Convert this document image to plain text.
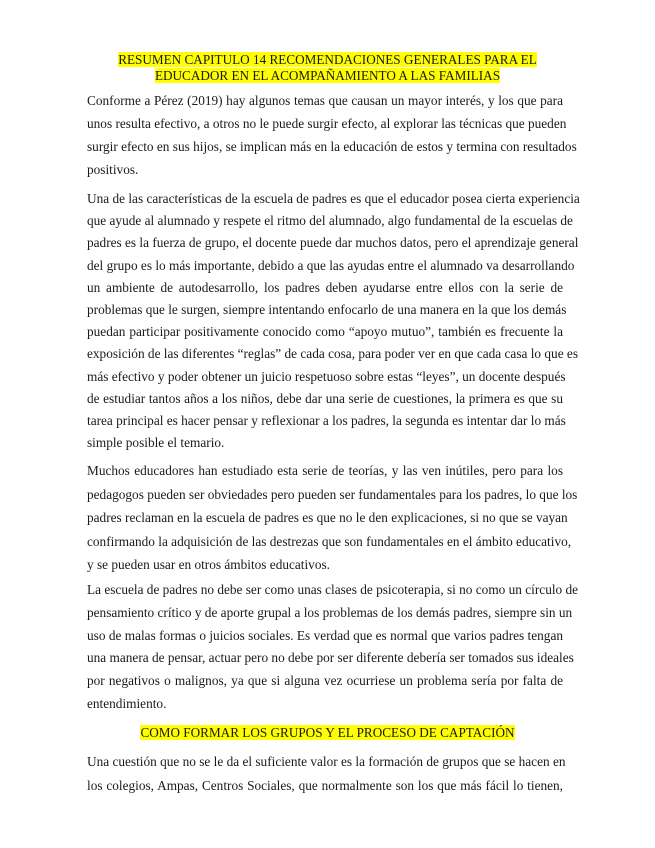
RESUMEN CAPITULO 14 RECOMENDACIONES GENERALES PARA EL
EDUCADOR EN EL ACOMPAÑAMIENTO A LAS FAMILIAS
Conforme a Pérez (2019) hay algunos temas que causan un mayor interés, y los que para
unos resulta efectivo, a otros no le puede surgir efecto, al explorar las técnicas que pueden
surgir efecto en sus hijos, se implican más en la educación de estos y termina con resultados
positivos.
Una de las características de la escuela de padres es que el educador posea cierta experiencia
que ayude al alumnado y respete el ritmo del alumnado, algo fundamental de la escuelas de
padres es la fuerza de grupo, el docente puede dar muchos datos, pero el aprendizaje general
del grupo es lo más importante, debido a que las ayudas entre el alumnado va desarrollando
un ambiente de autodesarrollo, los padres deben ayudarse entre ellos con la serie de
problemas que le surgen, siempre intentando enfocarlo de una manera en la que los demás
puedan participar positivamente conocido como “apoyo mutuo”, también es frecuente la
exposición de las diferentes “reglas” de cada cosa, para poder ver en que cada casa lo que es
más efectivo y poder obtener un juicio respetuoso sobre estas “leyes”, un docente después
de estudiar tantos años a los niños, debe dar una serie de cuestiones, la primera es que su
tarea principal es hacer pensar y reflexionar a los padres, la segunda es intentar dar lo más
simple posible el temario.
Muchos educadores han estudiado esta serie de teorías, y las ven inútiles, pero para los
pedagogos pueden ser obviedades pero pueden ser fundamentales para los padres, lo que los
padres reclaman en la escuela de padres es que no le den explicaciones, si no que se vayan
confirmando la adquisición de las destrezas que son fundamentales en el ámbito educativo,
y se pueden usar en otros ámbitos educativos.
La escuela de padres no debe ser como unas clases de psicoterapia, si no como un círculo de
pensamiento crítico y de aporte grupal a los problemas de los demás padres, siempre sin un
uso de malas formas o juicios sociales. Es verdad que es normal que varios padres tengan
una manera de pensar, actuar pero no debe por ser diferente debería ser tomados sus ideales
por negativos o malignos, ya que si alguna vez ocurriese un problema sería por falta de
entendimiento.
COMO FORMAR LOS GRUPOS Y EL PROCESO DE CAPTACIÓN
Una cuestión que no se le da el suficiente valor es la formación de grupos que se hacen en
los colegios, Ampas, Centros Sociales, que normalmente son los que más fácil lo tienen,
